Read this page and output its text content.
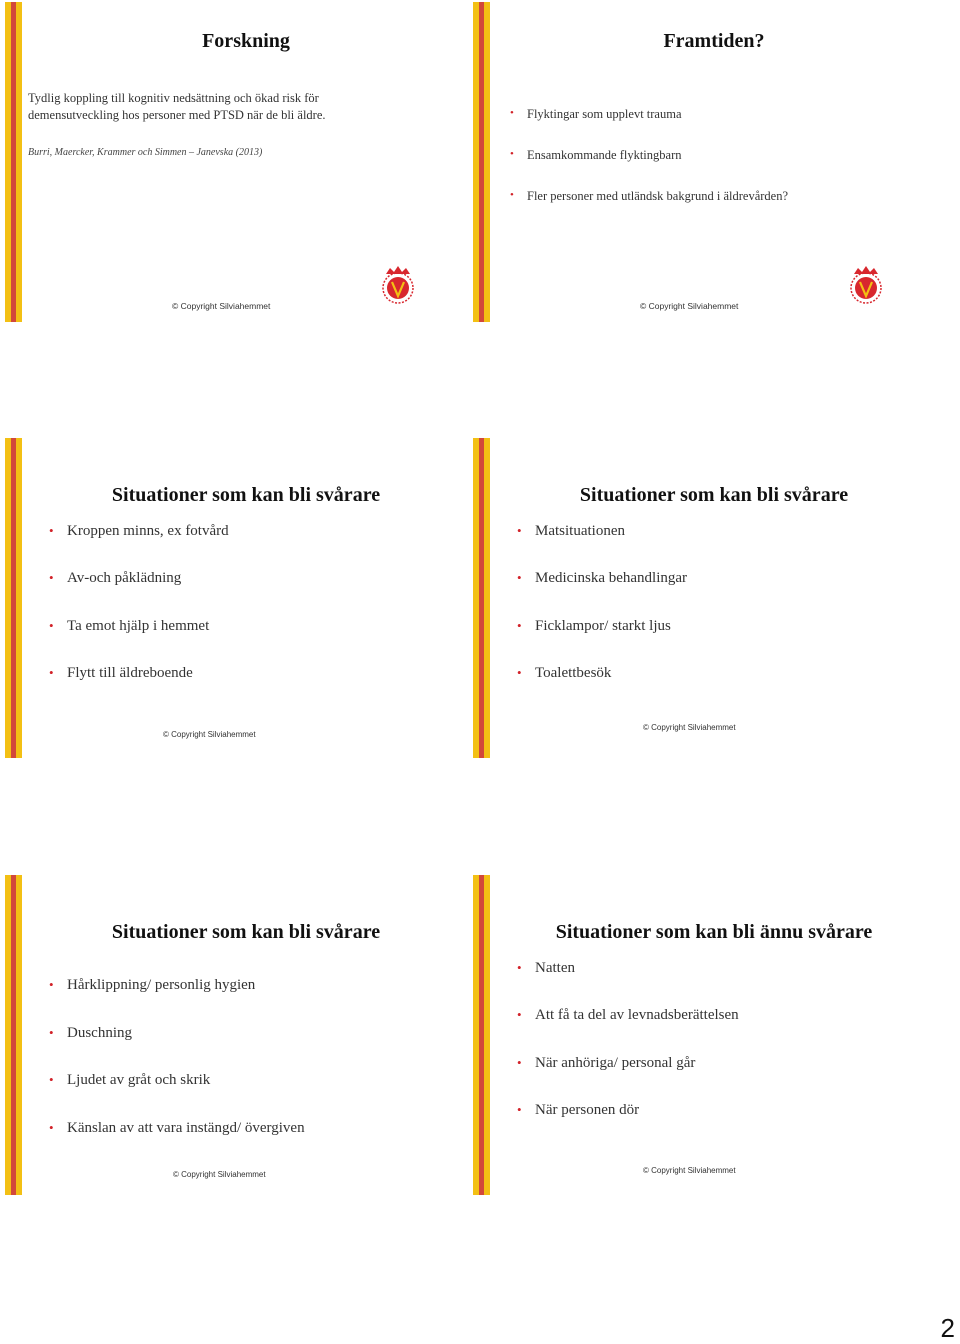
Forskning
Tydlig koppling till kognitiv nedsättning och ökad risk för
demensutveckling hos personer med PTSD när de bli äldre.
Burri, Maercker, Krammer och Simmen – Janevska (2013)
© Copyright Silviahemmet
Framtiden?
• Flyktingar som upplevt trauma
• Ensamkommande flyktingbarn
• Fler personer med utländsk bakgrund i äldrevården?
© Copyright Silviahemmet
Situationer som kan bli svårare
• Kroppen minns, ex fotvård
• Av-och påklädning
• Ta emot hjälp i hemmet
• Flytt till äldreboende
© Copyright Silviahemmet
Situationer som kan bli svårare
• Matsituationen
• Medicinska behandlingar
• Ficklampor/ starkt ljus
• Toalettbesök
© Copyright Silviahemmet
Situationer som kan bli svårare
• Hårklippning/ personlig hygien
• Duschning
• Ljudet av gråt och skrik
• Känslan av att vara instängd/ övergiven
© Copyright Silviahemmet
Situationer som kan bli ännu svårare
• Natten
• Att få ta del av levnadsberättelsen
• När anhöriga/ personal går
• När personen dör
© Copyright Silviahemmet
2
